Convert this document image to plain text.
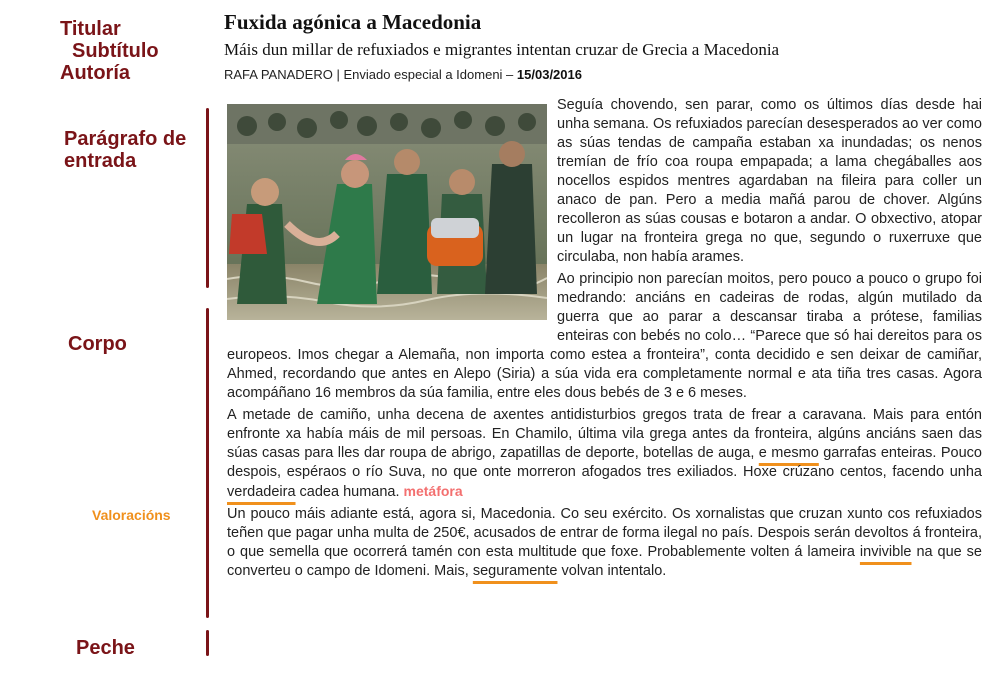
Titular
Subtítulo
Autoría
Parágrafo de entrada
Corpo
Valoracións
Peche
Fuxida agónica a Macedonia
Máis dun millar de refuxiados e migrantes intentan cruzar de Grecia a Macedonia
RAFA PANADERO | Enviado especial a Idomeni – 15/03/2016

Seguía chovendo, sen parar, como os últimos días desde hai unha semana. Os refuxiados parecían desesperados ao ver como as súas tendas de campaña estaban xa inundadas; os nenos tremían de frío coa roupa empapada; a lama chegáballes aos nocellos espidos mentres agardaban na fileira para coller un anaco de pan. Pero a media mañá parou de chover. Algúns recolleron as súas cousas e botaron a andar. O obxectivo, atopar un lugar na fronteira grega no que, segundo o ruxerruxe que circulaba, non había arames.

Ao principio non parecían moitos, pero pouco a pouco o grupo foi medrando: anciáns en cadeiras de rodas, algún mutilado da guerra que ao parar a descansar tiraba a prótese, familias enteiras con bebés no colo… “Parece que só hai dereitos para os europeos. Imos chegar a Alemaña, non importa como estea a fronteira”, conta decidido e sen deixar de camiñar, Ahmed, recordando que antes en Alepo (Siria) a súa vida era completamente normal e ata tiña tres casas. Agora acompáñano 16 membros da súa familia, entre eles dous bebés de 3 e 6 meses.

A metade de camiño, unha decena de axentes antidisturbios gregos trata de frear a caravana. Mais para entón enfronte xa había máis de mil persoas. En Chamilo, última vila grega antes da fronteira, algúns anciáns saen das súas casas para lles dar roupa de abrigo, zapatillas de deporte, botellas de auga, e mesmo garrafas enteiras. Pouco despois, espéraos o río Suva, no que onte morreron afogados tres exiliados. Hoxe crúzano centos, facendo unha verdadeira cadea humana. metáfora

Un pouco máis adiante está, agora si, Macedonia. Co seu exército. Os xornalistas que cruzan xunto cos refuxiados teñen que pagar unha multa de 250€, acusados de entrar de forma ilegal no país. Despois serán devoltos á fronteira, o que semella que ocorrerá tamén con esta multitude que foxe. Probablemente volten á lameira invivible na que se converteu o campo de Idomeni. Mais, seguramente volvan intentalo.
